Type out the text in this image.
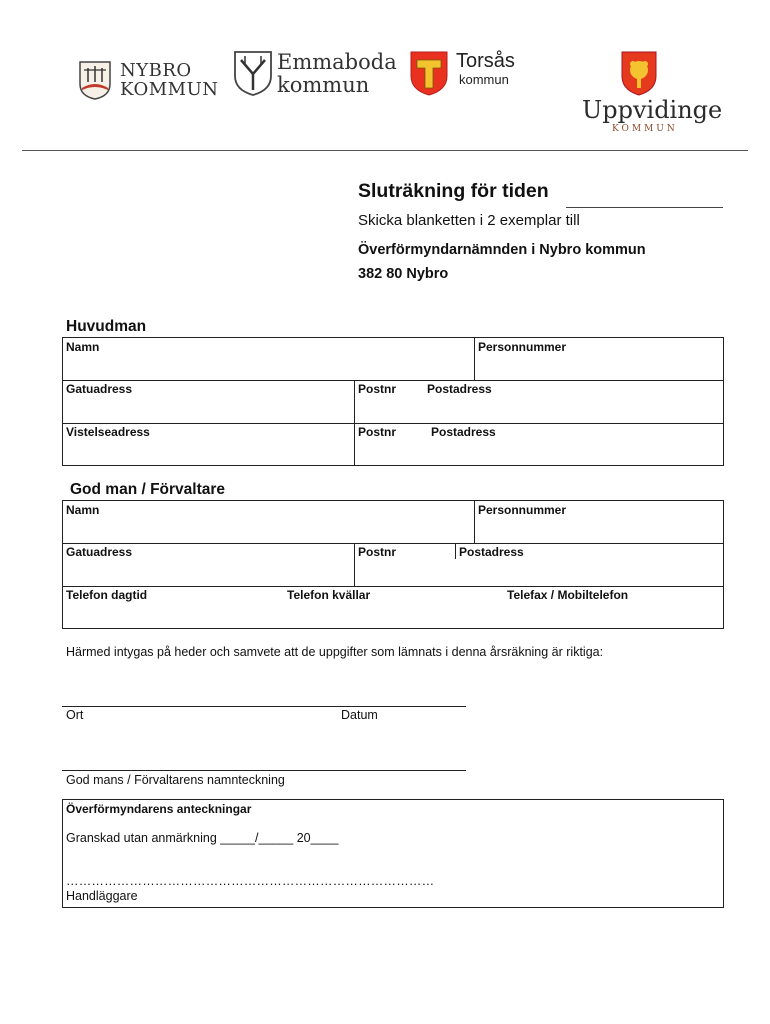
NYBRO
KOMMUN
Emmaboda
kommun
Torsås
kommun
Uppvidinge
KOMMUN
Sluträkning för tiden
Skicka blanketten i 2 exemplar till
Överförmyndarnämnden i Nybro kommun
382 80 Nybro
Huvudman
Namn	Personnummer
Gatuadress	Postnr	Postadress
Vistelseadress	Postnr	Postadress
God man / Förvaltare
Namn	Personnummer
Gatuadress	Postnr	Postadress
Telefon dagtid	Telefon kvällar	Telefax / Mobiltelefon
Härmed intygas på heder och samvete att de uppgifter som lämnats i denna årsräkning är riktiga:
Ort	Datum
God mans / Förvaltarens namnteckning
Överförmyndarens anteckningar
Granskad utan anmärkning _____/_____ 20____
……………………………………………………………………………
Handläggare
